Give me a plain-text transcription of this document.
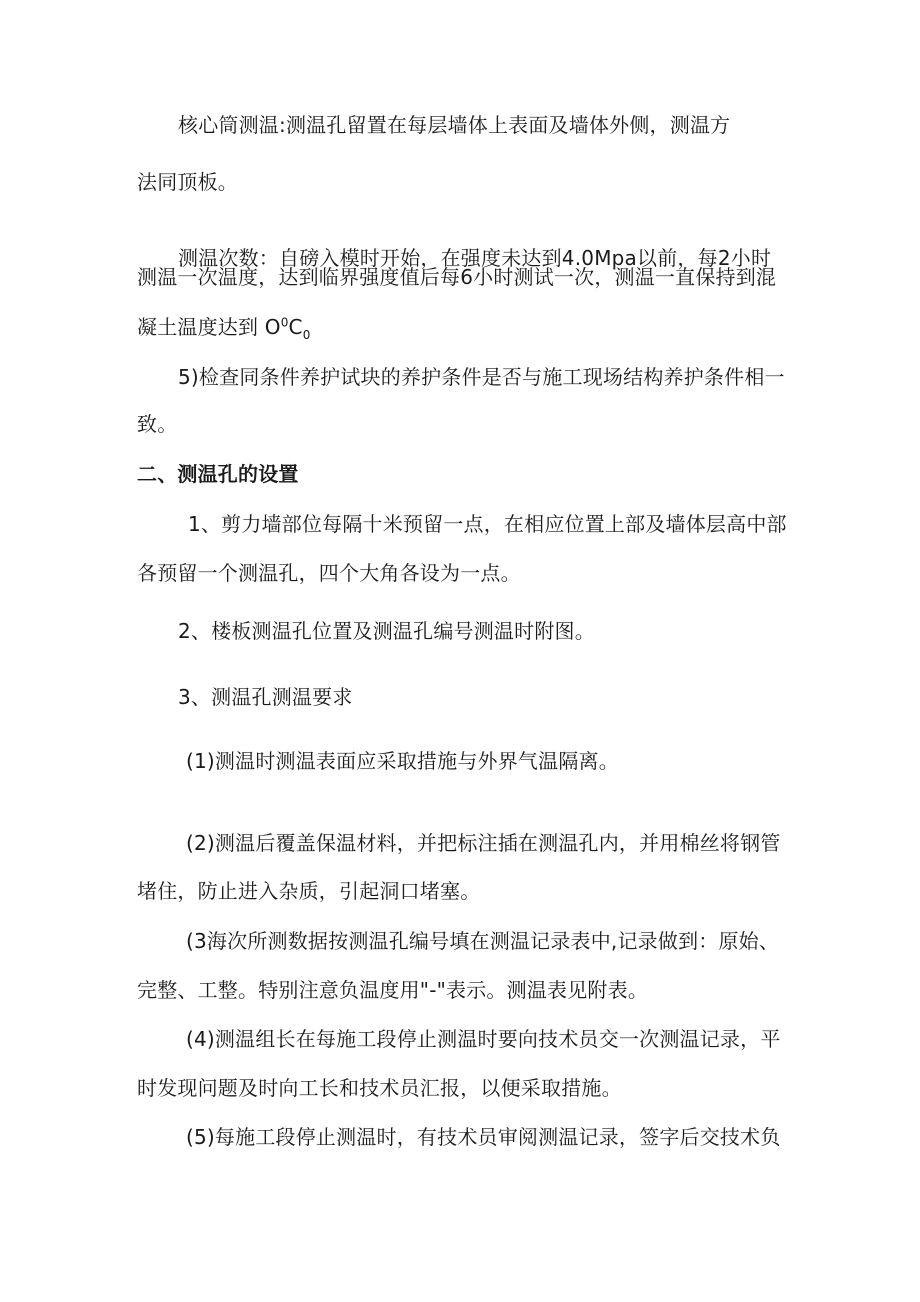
核心筒测温:测温孔留置在每层墙体上表面及墙体外侧，测温方
法同顶板。
测温次数：自磅入模时开始，在强度未达到4.0Mpa以前，每2小时
测温一次温度，达到临界强度值后每6小时测试一次，测温一直保持到混
凝土温度达到 $O^0C_0$
5)检查同条件养护试块的养护条件是否与施工现场结构养护条件相一
致。
二、测温孔的设置
1、剪力墙部位每隔十米预留一点，在相应位置上部及墙体层高中部
各预留一个测温孔，四个大角各设为一点。
2、楼板测温孔位置及测温孔编号测温时附图。
3、测温孔测温要求
(1)测温时测温表面应采取措施与外界气温隔离。
(2)测温后覆盖保温材料，并把标注插在测温孔内，并用棉丝将钢管
堵住，防止进入杂质，引起洞口堵塞。
(3海次所测数据按测温孔编号填在测温记录表中,记录做到：原始、
完整、工整。特别注意负温度用"-"表示。测温表见附表。
(4)测温组长在每施工段停止测温时要向技术员交一次测温记录，平
时发现问题及时向工长和技术员汇报，以便采取措施。
(5)每施工段停止测温时，有技术员审阅测温记录，签字后交技术负
